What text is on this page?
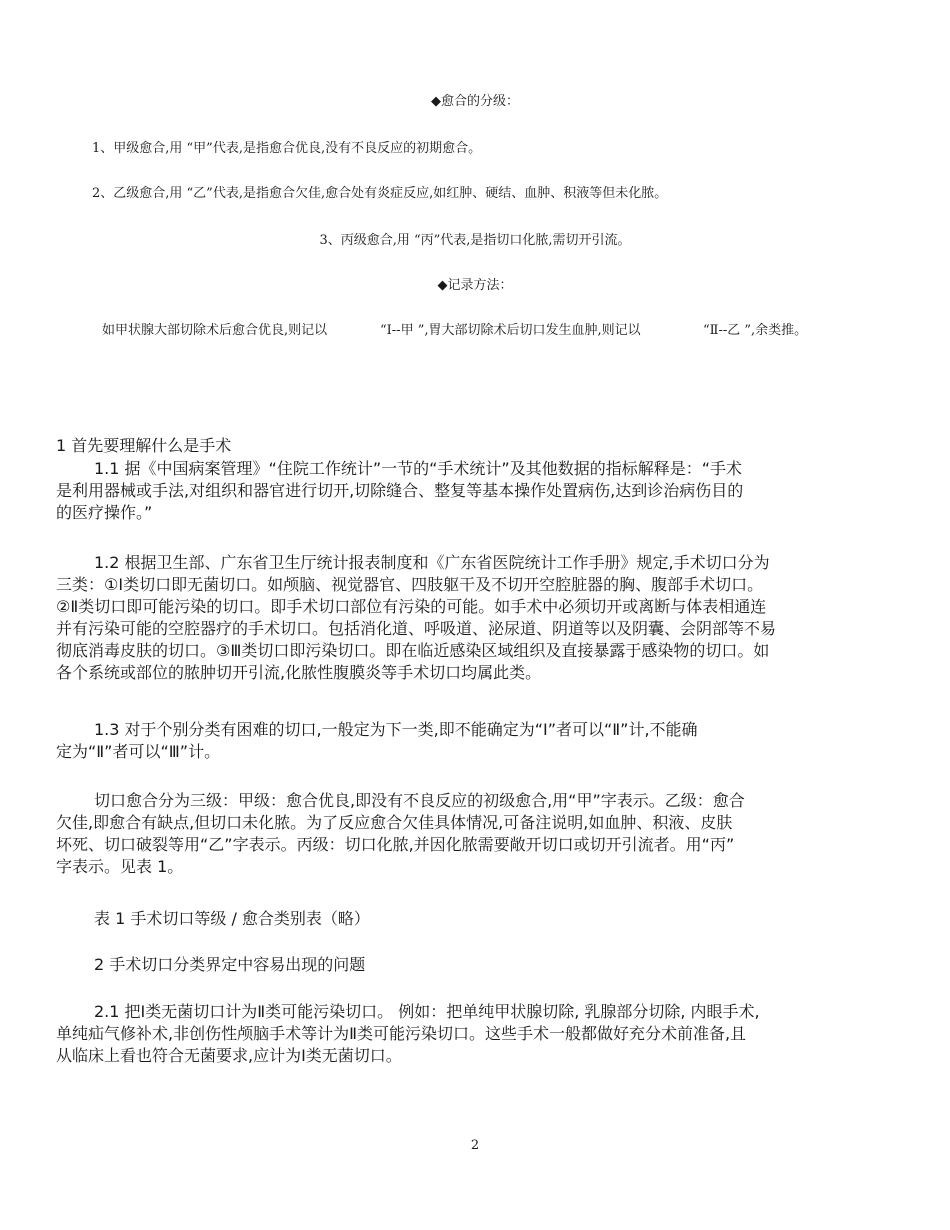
◆愈合的分级：
1、甲级愈合,用 “甲”代表,是指愈合优良,没有不良反应的初期愈合。
2、乙级愈合,用 “乙”代表,是指愈合欠佳,愈合处有炎症反应,如红肿、硬结、血肿、积液等但未化脓。
3、丙级愈合,用 “丙”代表,是指切口化脓,需切开引流。
◆记录方法：
如甲状腺大部切除术后愈合优良,则记以	“Ⅰ--甲 ”,胃大部切除术后切口发生血肿,则记以	“Ⅱ--乙 ”,余类推。
1 首先要理解什么是手术
1.1 据《中国病案管理》“住院工作统计”一节的“手术统计”及其他数据的指标解释是：“手术
是利用器械或手法,对组织和器官进行切开,切除缝合、整复等基本操作处置病伤,达到诊治病伤目的
的医疗操作。”
1.2 根据卫生部、广东省卫生厅统计报表制度和《广东省医院统计工作手册》规定,手术切口分为
三类：①Ⅰ类切口即无菌切口。如颅脑、视觉器官、四肢躯干及不切开空腔脏器的胸、腹部手术切口。
②Ⅱ类切口即可能污染的切口。即手术切口部位有污染的可能。如手术中必须切开或离断与体表相通连
并有污染可能的空腔器疗的手术切口。包括消化道、呼吸道、泌尿道、阴道等以及阴囊、会阴部等不易
彻底消毒皮肤的切口。③Ⅲ类切口即污染切口。即在临近感染区域组织及直接暴露于感染物的切口。如
各个系统或部位的脓肿切开引流,化脓性腹膜炎等手术切口均属此类。
1.3 对于个别分类有困难的切口,一般定为下一类,即不能确定为“Ⅰ”者可以“Ⅱ”计,不能确
定为“Ⅱ”者可以“Ⅲ”计。
切口愈合分为三级：甲级：愈合优良,即没有不良反应的初级愈合,用“甲”字表示。乙级：愈合
欠佳,即愈合有缺点,但切口未化脓。为了反应愈合欠佳具体情况,可备注说明,如血肿、积液、皮肤
坏死、切口破裂等用“乙”字表示。丙级：切口化脓,并因化脓需要敞开切口或切开引流者。用“丙”
字表示。见表 1。
表 1 手术切口等级 / 愈合类别表（略）
2 手术切口分类界定中容易出现的问题
2.1 把Ⅰ类无菌切口计为Ⅱ类可能污染切口。 例如：把单纯甲状腺切除, 乳腺部分切除, 内眼手术,
单纯疝气修补术,非创伤性颅脑手术等计为Ⅱ类可能污染切口。这些手术一般都做好充分术前准备,且
从临床上看也符合无菌要求,应计为Ⅰ类无菌切口。
2
